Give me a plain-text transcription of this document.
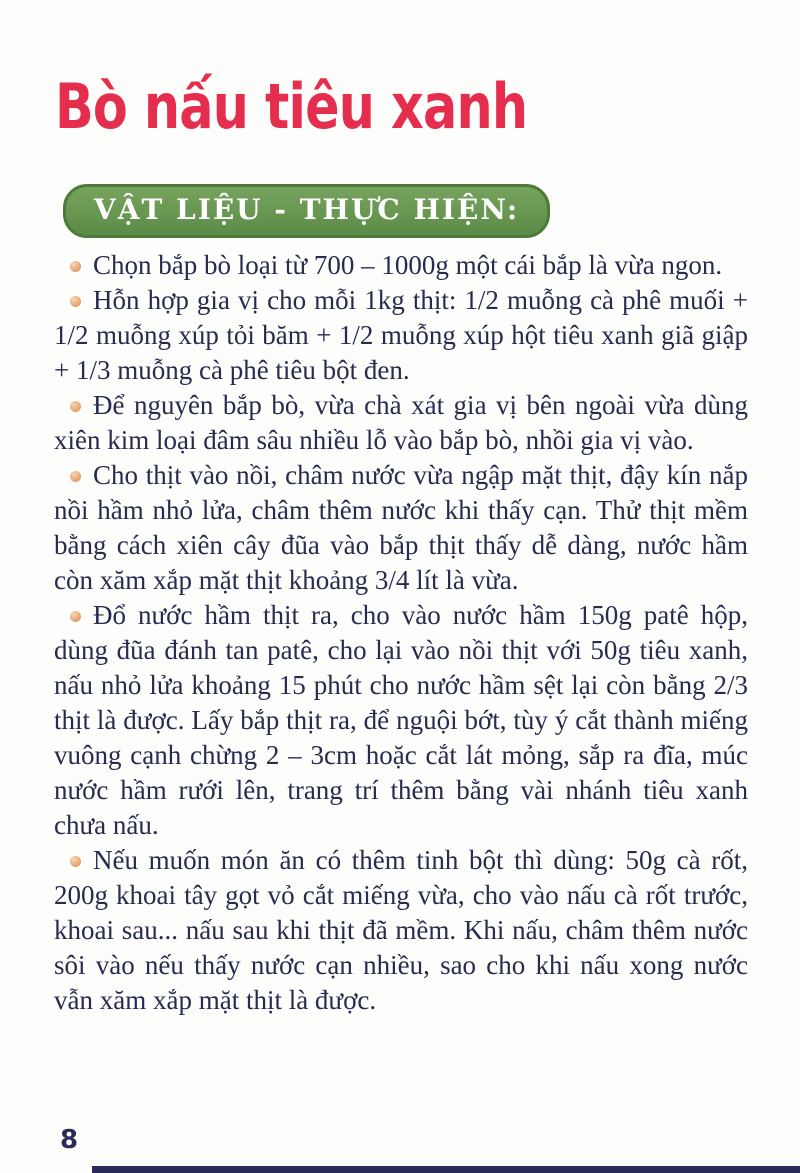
Bò nấu tiêu xanh
VẬT LIỆU - THỰC HIỆN:

Chọn bắp bò loại từ 700 – 1000g một cái bắp là vừa ngon.

Hỗn hợp gia vị cho mỗi 1kg thịt: 1/2 muỗng cà phê muối + 1/2 muỗng xúp tỏi băm + 1/2 muỗng xúp hột tiêu xanh giã giập + 1/3 muỗng cà phê tiêu bột đen.

Để nguyên bắp bò, vừa chà xát gia vị bên ngoài vừa dùng xiên kim loại đâm sâu nhiều lỗ vào bắp bò, nhồi gia vị vào.

Cho thịt vào nồi, châm nước vừa ngập mặt thịt, đậy kín nắp nồi hầm nhỏ lửa, châm thêm nước khi thấy cạn. Thử thịt mềm bằng cách xiên cây đũa vào bắp thịt thấy dễ dàng, nước hầm còn xăm xắp mặt thịt khoảng 3/4 lít là vừa.

Đổ nước hầm thịt ra, cho vào nước hầm 150g patê hộp, dùng đũa đánh tan patê, cho lại vào nồi thịt với 50g tiêu xanh, nấu nhỏ lửa khoảng 15 phút cho nước hầm sệt lại còn bằng 2/3 thịt là được. Lấy bắp thịt ra, để nguội bớt, tùy ý cắt thành miếng vuông cạnh chừng 2 – 3cm hoặc cắt lát mỏng, sắp ra đĩa, múc nước hầm rưới lên, trang trí thêm bằng vài nhánh tiêu xanh chưa nấu.

Nếu muốn món ăn có thêm tinh bột thì dùng: 50g cà rốt, 200g khoai tây gọt vỏ cắt miếng vừa, cho vào nấu cà rốt trước, khoai sau... nấu sau khi thịt đã mềm. Khi nấu, châm thêm nước sôi vào nếu thấy nước cạn nhiều, sao cho khi nấu xong nước vẫn xăm xắp mặt thịt là được.

8
